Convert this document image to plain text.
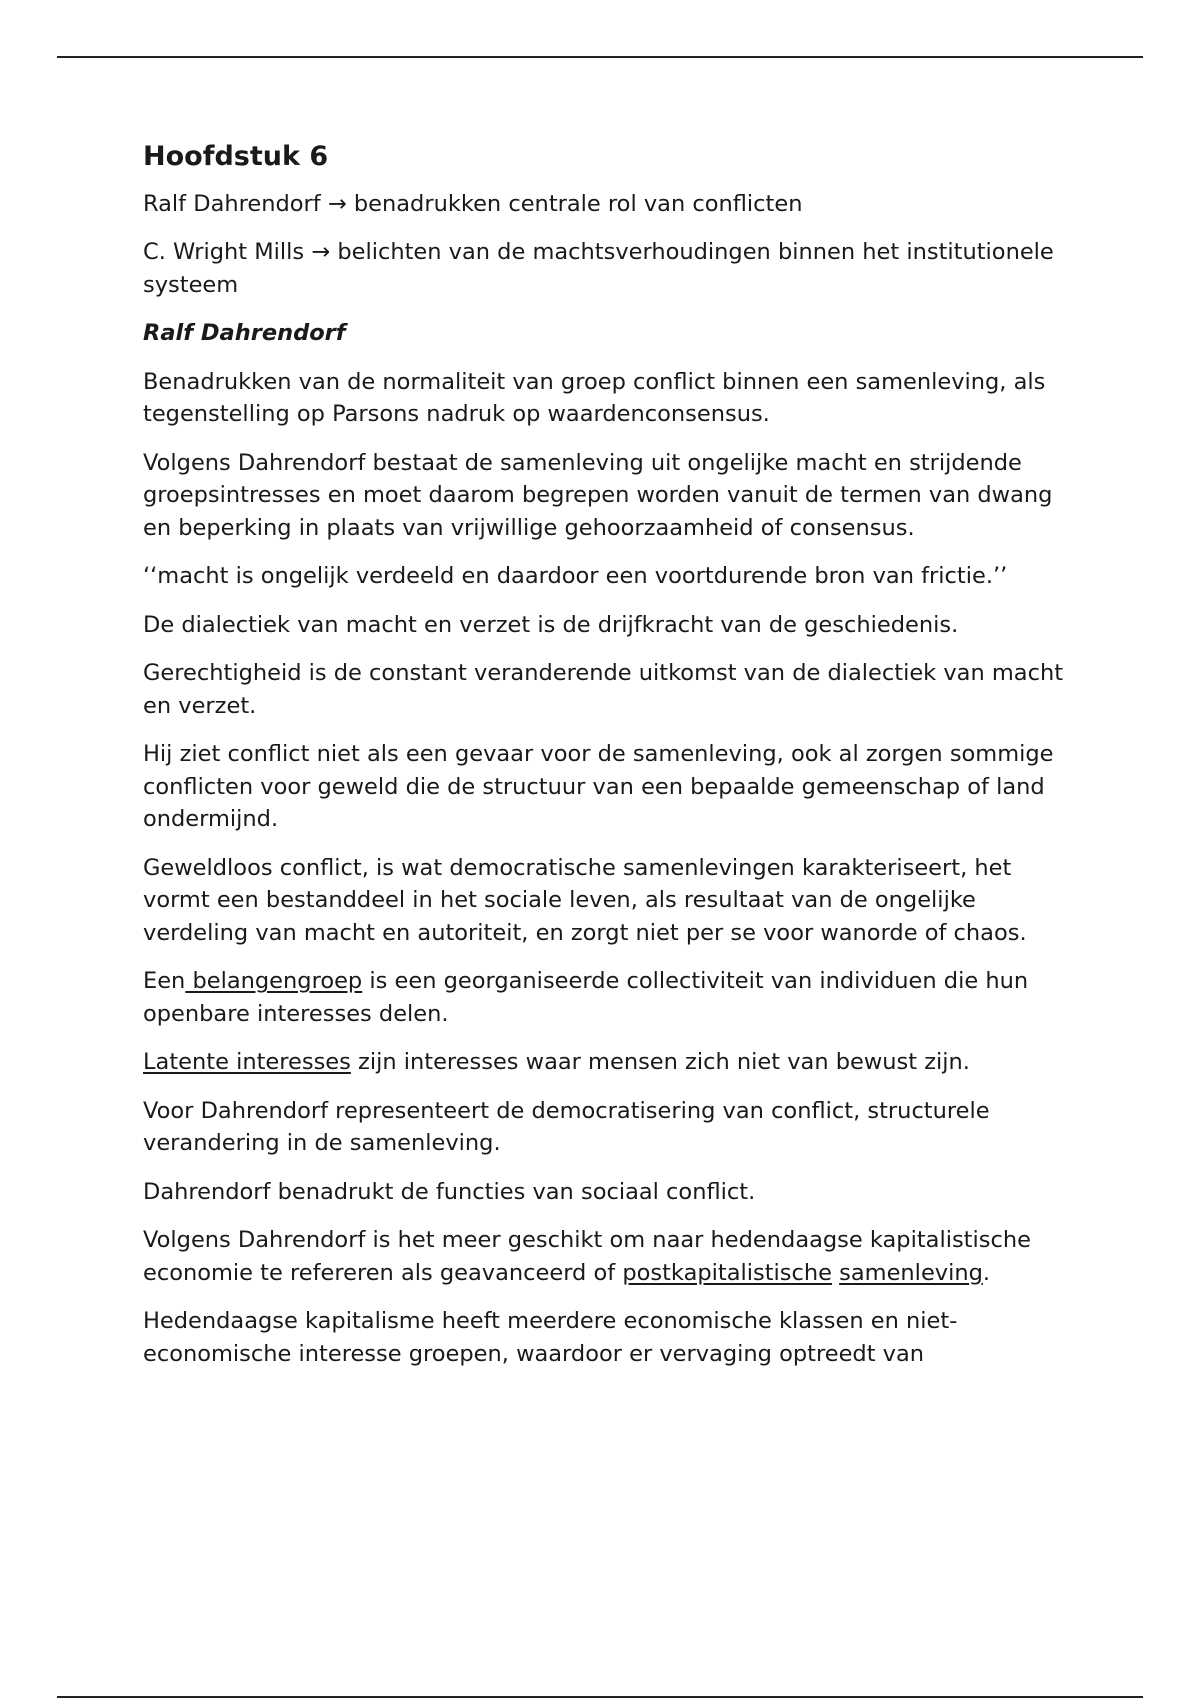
Hoofdstuk 6

Ralf Dahrendorf → benadrukken centrale rol van conflicten

C. Wright Mills → belichten van de machtsverhoudingen binnen het institutionele systeem

Ralf Dahrendorf

Benadrukken van de normaliteit van groep conflict binnen een samenleving, als tegenstelling op Parsons nadruk op waardenconsensus.

Volgens Dahrendorf bestaat de samenleving uit ongelijke macht en strijdende groepsintresses en moet daarom begrepen worden vanuit de termen van dwang en beperking in plaats van vrijwillige gehoorzaamheid of consensus.

‘‘macht is ongelijk verdeeld en daardoor een voortdurende bron van frictie.’’

De dialectiek van macht en verzet is de drijfkracht van de geschiedenis.

Gerechtigheid is de constant veranderende uitkomst van de dialectiek van macht en verzet.

Hij ziet conflict niet als een gevaar voor de samenleving, ook al zorgen sommige conflicten voor geweld die de structuur van een bepaalde gemeenschap of land ondermijnd.

Geweldloos conflict, is wat democratische samenlevingen karakteriseert, het vormt een bestanddeel in het sociale leven, als resultaat van de ongelijke verdeling van macht en autoriteit, en zorgt niet per se voor wanorde of chaos.

Een belangengroep is een georganiseerde collectiviteit van individuen die hun openbare interesses delen.

Latente interesses zijn interesses waar mensen zich niet van bewust zijn.

Voor Dahrendorf representeert de democratisering van conflict, structurele verandering in de samenleving.

Dahrendorf benadrukt de functies van sociaal conflict.

Volgens Dahrendorf is het meer geschikt om naar hedendaagse kapitalistische economie te refereren als geavanceerd of postkapitalistische samenleving.

Hedendaagse kapitalisme heeft meerdere economische klassen en niet-economische interesse groepen, waardoor er vervaging optreedt van
